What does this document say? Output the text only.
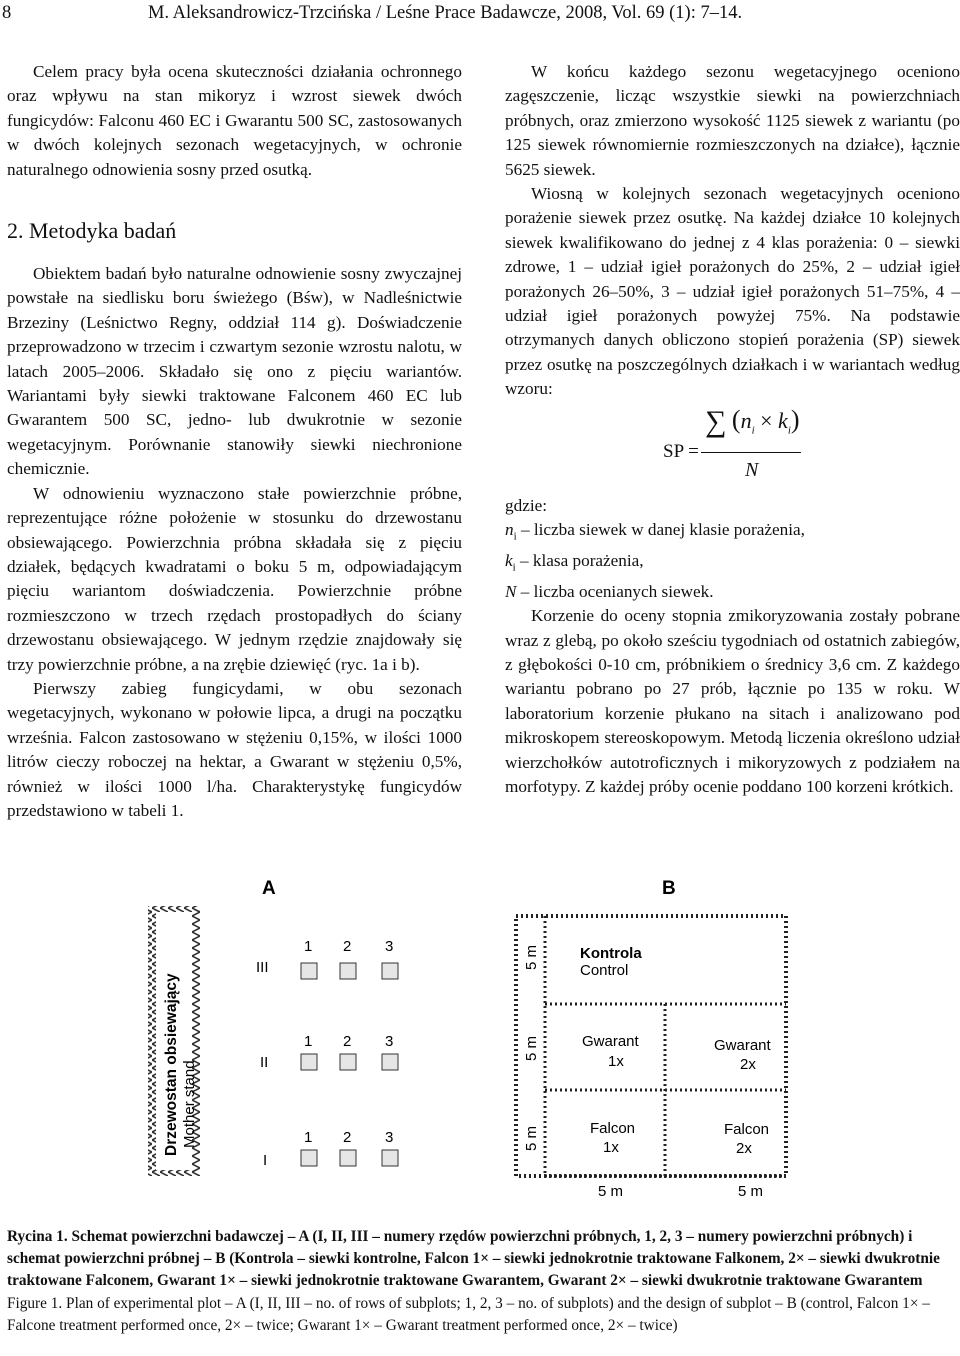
8	M. Aleksandrowicz-Trzcińska / Leśne Prace Badawcze, 2008, Vol. 69 (1): 7–14.

Celem pracy była ocena skuteczności działania ochronnego oraz wpływu na stan mikoryz i wzrost siewek dwóch fungicydów: Falconu 460 EC i Gwarantu 500 SC, zastosowanych w dwóch kolejnych sezonach wegetacyjnych, w ochronie naturalnego odnowienia sosny przed osutką.

2. Metodyka badań

Obiektem badań było naturalne odnowienie sosny zwyczajnej powstałe na siedlisku boru świeżego (Bśw), w Nadleśnictwie Brzeziny (Leśnictwo Regny, oddział 114 g). Doświadczenie przeprowadzono w trzecim i czwartym sezonie wzrostu nalotu, w latach 2005–2006. Składało się ono z pięciu wariantów. Wariantami były siewki traktowane Falconem 460 EC lub Gwarantem 500 SC, jedno- lub dwukrotnie w sezonie wegetacyjnym. Porównanie stanowiły siewki niechronione chemicznie.

W odnowieniu wyznaczono stałe powierzchnie próbne, reprezentujące różne położenie w stosunku do drzewostanu obsiewającego. Powierzchnia próbna składała się z pięciu działek, będących kwadratami o boku 5 m, odpowiadającym pięciu wariantom doświadczenia. Powierzchnie próbne rozmieszczono w trzech rzędach prostopadłych do ściany drzewostanu obsiewającego. W jednym rzędzie znajdowały się trzy powierzchnie próbne, a na zrębie dziewięć (ryc. 1a i b).

Pierwszy zabieg fungicydami, w obu sezonach wegetacyjnych, wykonano w połowie lipca, a drugi na początku września. Falcon zastosowano w stężeniu 0,15%, w ilości 1000 litrów cieczy roboczej na hektar, a Gwarant w stężeniu 0,5%, również w ilości 1000 l/ha. Charakterystykę fungicydów przedstawiono w tabeli 1.

W końcu każdego sezonu wegetacyjnego oceniono zagęszczenie, licząc wszystkie siewki na powierzchniach próbnych, oraz zmierzono wysokość 1125 siewek z wariantu (po 125 siewek równomiernie rozmieszczonych na działce), łącznie 5625 siewek.

Wiosną w kolejnych sezonach wegetacyjnych oceniono porażenie siewek przez osutkę. Na każdej działce 10 kolejnych siewek kwalifikowano do jednej z 4 klas porażenia: 0 – siewki zdrowe, 1 – udział igieł porażonych do 25%, 2 – udział igieł porażonych 26–50%, 3 – udział igieł porażonych 51–75%, 4 – udział igieł porażonych powyżej 75%. Na podstawie otrzymanych danych obliczono stopień porażenia (SP) siewek przez osutkę na poszczególnych działkach i w wariantach według wzoru:

SP =
∑ $(n_i \times k_i)$
N

gdzie:

$n_i$ – liczba siewek w danej klasie porażenia,

$k_i$ – klasa porażenia,

N – liczba ocenianych siewek.

Korzenie do oceny stopnia zmikoryzowania zostały pobrane wraz z glebą, po około sześciu tygodniach od ostatnich zabiegów, z głębokości 0-10 cm, próbnikiem o średnicy 3,6 cm. Z każdego wariantu pobrano po 27 prób, łącznie po 135 w roku. W laboratorium korzenie płukano na sitach i analizowano pod mikroskopem stereoskopowym. Metodą liczenia określono udział wierzchołków autotroficznych i mikoryzowych z podziałem na morfotypy. Z każdej próby ocenie poddano 100 korzeni krótkich.

A
Drzewostan obsiewający Mother stand
III
II
I
1 2 3
1 2 3
1 2 3
B
5 m
5 m
5 m
Kontrola
Control
Gwarant
1x
Gwarant
2x
Falcon
1x
Falcon
2x
5 m	5 m
Rycina 1. Schemat powierzchni badawczej – A (I, II, III – numery rzędów powierzchni próbnych, 1, 2, 3 – numery powierzchni próbnych) i schemat powierzchni próbnej – B (Kontrola – siewki kontrolne, Falcon 1× – siewki jednokrotnie traktowane Falkonem, 2× – siewki dwukrotnie traktowane Falconem, Gwarant 1× – siewki jednokrotnie traktowane Gwarantem, Gwarant 2× – siewki dwukrotnie traktowane Gwarantem
Figure 1. Plan of experimental plot – A (I, II, III – no. of rows of subplots; 1, 2, 3 – no. of subplots) and the design of subplot – B (control, Falcon 1× – Falcone treatment performed once, 2× – twice; Gwarant 1× – Gwarant treatment performed once, 2× – twice)
